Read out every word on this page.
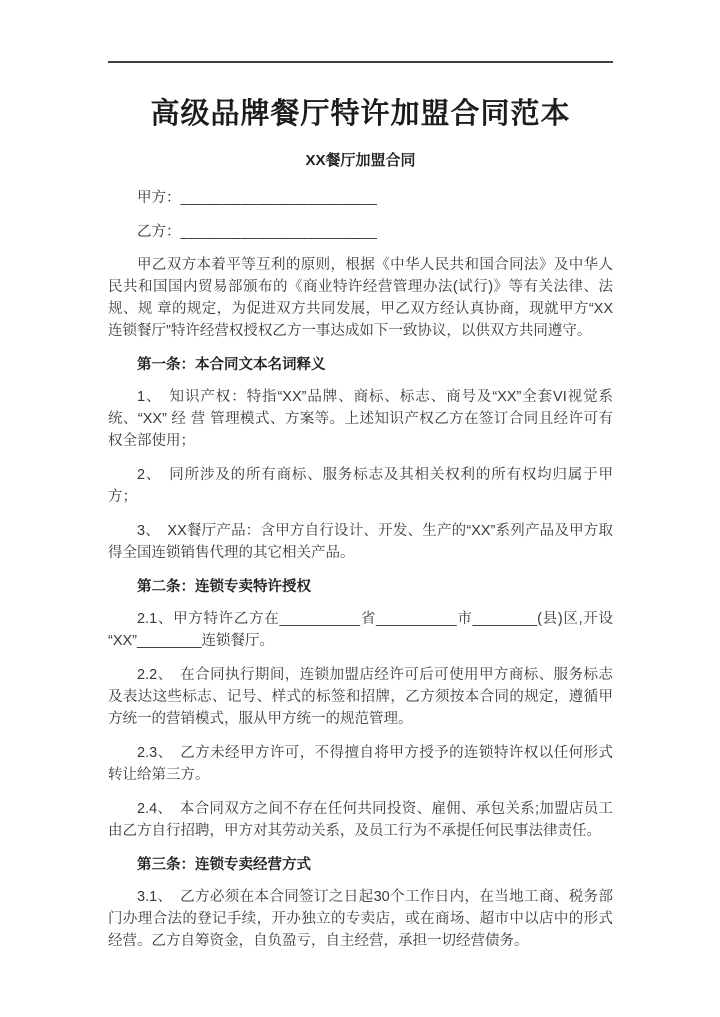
高级品牌餐厅特许加盟合同范本
XX餐厅加盟合同

甲方：_______________________

乙方：_______________________

甲乙双方本着平等互利的原则，根据《中华人民共和国合同法》及中华人民共和国国内贸易部颁布的《商业特许经营管理办法(试行)》等有关法律、法规、规 章的规定，为促进双方共同发展，甲乙双方经认真协商，现就甲方“XX连锁餐厅”特许经营权授权乙方一事达成如下一致协议，以供双方共同遵守。

第一条：本合同文本名词释义

1、　知识产权：特指“XX”品牌、商标、标志、商号及“XX”全套VI视觉系统、“XX” 经 营 管理模式、方案等。上述知识产权乙方在签订合同且经许可有权全部使用；

2、　同所涉及的所有商标、服务标志及其相关权利的所有权均归属于甲方；

3、　XX餐厅产品：含甲方自行设计、开发、生产的“XX”系列产品及甲方取得全国连锁销售代理的其它相关产品。

第二条：连锁专卖特许授权

2.1、甲方特许乙方在__________省__________市________(县)区,开设“XX”________连锁餐厅。

2.2、　在合同执行期间，连锁加盟店经许可后可使用甲方商标、服务标志及表达这些标志、记号、样式的标签和招牌，乙方须按本合同的规定，遵循甲方统一的营销模式，服从甲方统一的规范管理。

2.3、　乙方未经甲方许可，不得擅自将甲方授予的连锁特许权以任何形式转让给第三方。

2.4、　本合同双方之间不存在任何共同投资、雇佣、承包关系;加盟店员工由乙方自行招聘，甲方对其劳动关系，及员工行为不承提任何民事法律责任。

第三条：连锁专卖经营方式

3.1、　乙方必须在本合同签订之日起30个工作日内，在当地工商、税务部门办理合法的登记手续，开办独立的专卖店，或在商场、超市中以店中的形式经营。乙方自筹资金，自负盈亏，自主经营，承担一切经营债务。
